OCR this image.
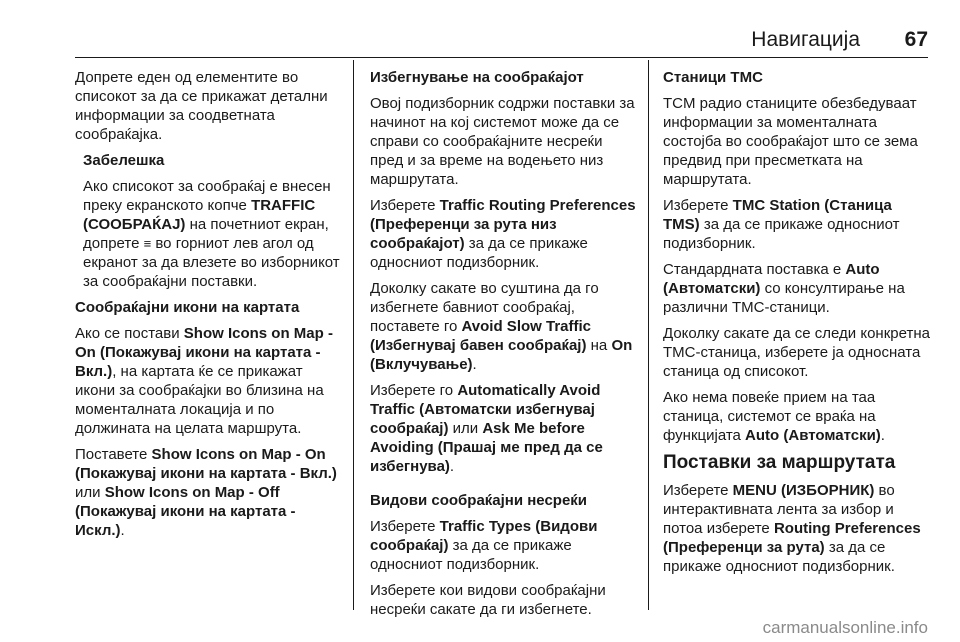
Навигација 67

Допрете еден од елементите во списокот за да се прикажат детални информации за соодветната сообраќајка.

Забелешка

Ако списокот за сообраќај е внесен преку екранското копче TRAFFIC (СООБРАЌАЈ) на почетниот екран, допрете ≡ во горниот лев агол од екранот за да влезете во изборникот за сообраќајни поставки.

Сообраќајни икони на картата

Ако се постави Show Icons on Map - On (Покажувај икони на картата - Вкл.), на картата ќе се прикажат икони за сообраќајки во близина на моменталната локација и по должината на целата маршрута.

Поставете Show Icons on Map - On (Покажувај икони на картата - Вкл.) или Show Icons on Map - Off (Покажувај икони на картата - Искл.).

Избегнување на сообраќајот

Овој подизборник содржи поставки за начинот на кој системот може да се справи со сообраќајните несреќи пред и за време на водењето низ маршрутата.

Изберете Traffic Routing Preferences (Преференци за рута низ сообраќајот) за да се прикаже односниот подизборник.

Доколку сакате во суштина да го избегнете бавниот сообраќај, поставете го Avoid Slow Traffic (Избегнувај бавен сообраќај) на On (Вклучување).

Изберете го Automatically Avoid Traffic (Автоматски избегнувај сообраќај) или Ask Me before Avoiding (Прашај ме пред да се избегнува).

Видови сообраќајни несреќи

Изберете Traffic Types (Видови сообраќај) за да се прикаже односниот подизборник.

Изберете кои видови сообраќајни несреќи сакате да ги избегнете.

Станици TMC

TCM радио станиците обезбедуваат информации за моменталната состојба во сообраќајот што се зема предвид при пресметката на маршрутата.

Изберете TMC Station (Станица TMS) за да се прикаже односниот подизборник.

Стандардната поставка е Auto (Автоматски) со консултирање на различни TMC-станици.

Доколку сакате да се следи конкретна TMC-станица, изберете ја односната станица од списокот.

Ако нема повеќе прием на таа станица, системот се враќа на функцијата Auto (Автоматски).

Поставки за маршрутата

Изберете MENU (ИЗБОРНИК) во интерактивната лента за избор и потоа изберете Routing Preferences (Преференци за рута) за да се прикаже односниот подизборник.

carmanualsonline.info
